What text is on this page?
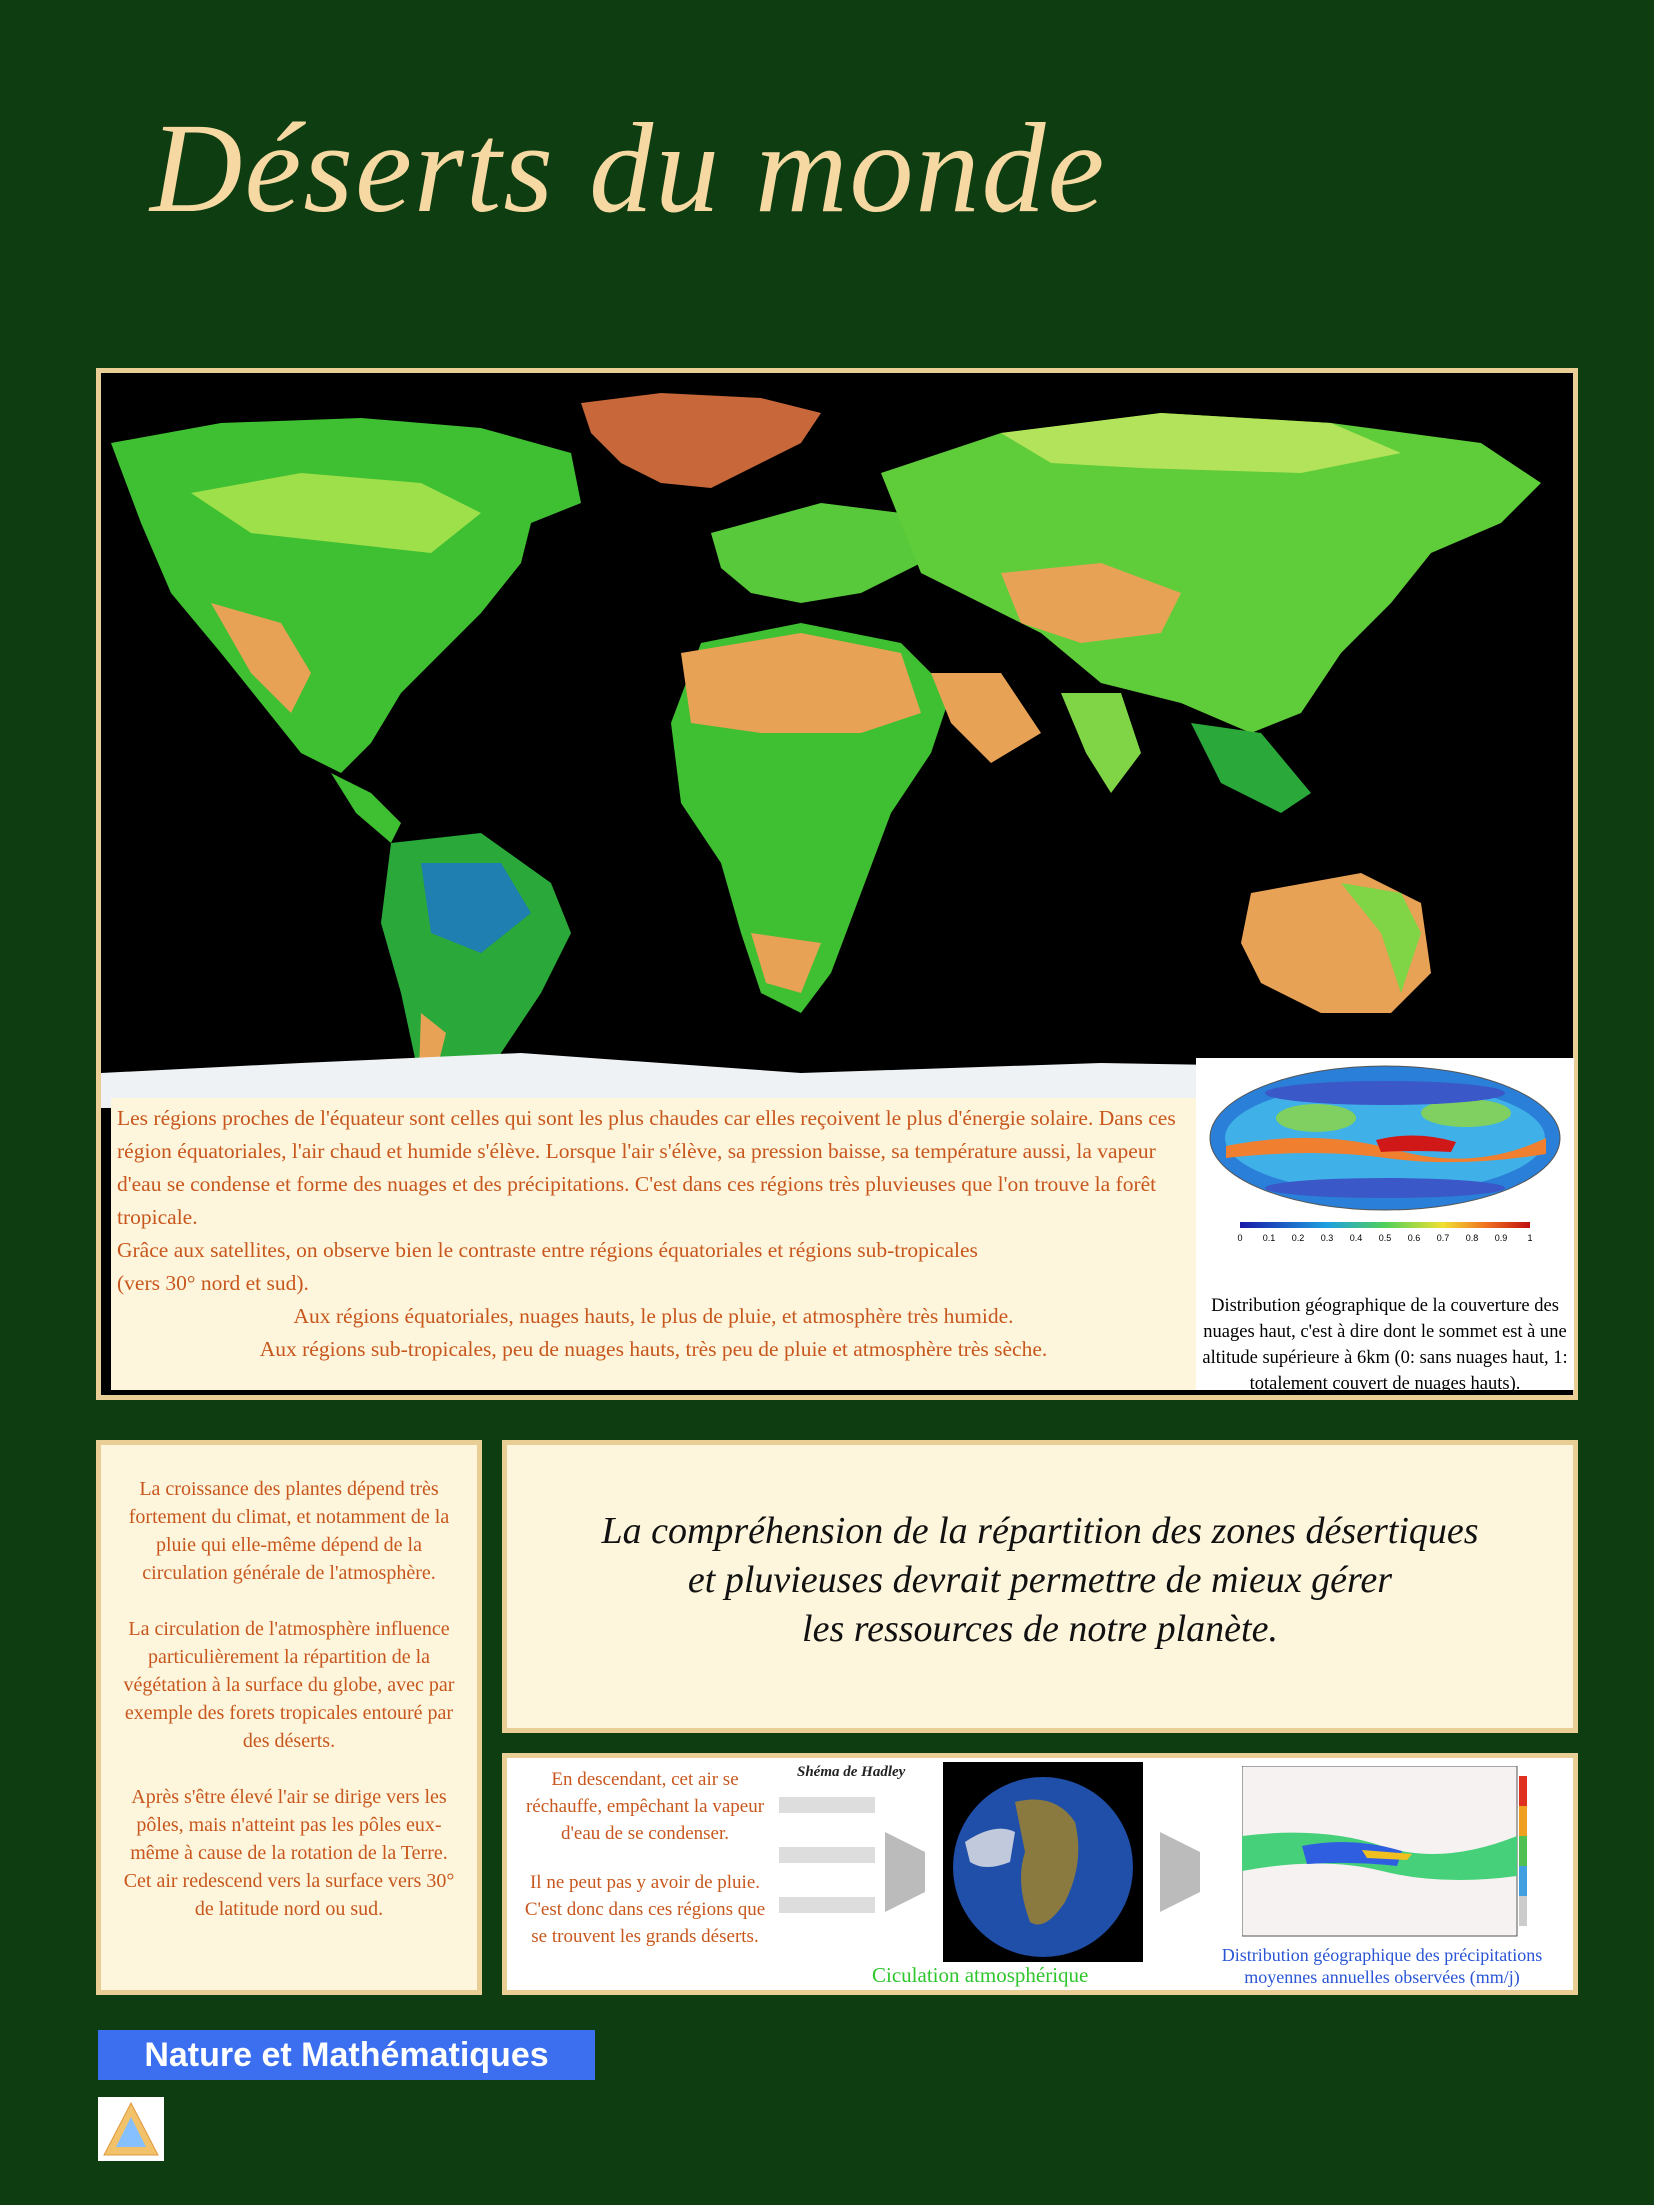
Déserts du monde

Les régions proches de l'équateur sont celles qui sont les plus chaudes car elles reçoivent le plus d'énergie solaire. Dans ces région équatoriales, l'air chaud et humide s'élève. Lorsque l'air s'élève, sa pression baisse, sa température aussi, la vapeur d'eau se condense et forme des nuages et des précipitations. C'est dans ces régions très pluvieuses que l'on trouve la forêt tropicale.

Grâce aux satellites, on observe bien le contraste entre régions équatoriales et régions sub-tropicales

(vers 30° nord et sud).

Aux régions équatoriales, nuages hauts, le plus de pluie, et atmosphère très humide.

Aux régions sub-tropicales, peu de nuages hauts, très peu de pluie et atmosphère très sèche.

0 0.1 0.2 0.3 0.4 0.5 0.6 0.7 0.8 0.9 1
Distribution géographique de la couverture des nuages haut, c'est à dire dont le sommet est à une altitude supérieure à 6km (0: sans nuages haut, 1: totalement couvert de nuages hauts).

La croissance des plantes dépend très fortement du climat, et notamment de la pluie qui elle-même dépend de la circulation générale de l'atmosphère.

La circulation de l'atmosphère influence particulièrement la répartition de la végétation à la surface du globe, avec par exemple des forets tropicales entouré par des déserts.

Après s'être élevé l'air se dirige vers les pôles, mais n'atteint pas les pôles eux-même à cause de la rotation de la Terre. Cet air redescend vers la surface vers 30° de latitude nord ou sud.

La compréhension de la répartition des zones désertiques
et pluvieuses devrait permettre de mieux gérer
les ressources de notre planète.

En descendant, cet air se réchauffe, empêchant la vapeur d'eau de se condenser.

Il ne peut pas y avoir de pluie. C'est donc dans ces régions que se trouvent les grands déserts.

Shéma de Hadley
Ciculation atmosphérique
Distribution géographique des précipitations moyennes annuelles observées (mm/j)
Nature et Mathématiques
